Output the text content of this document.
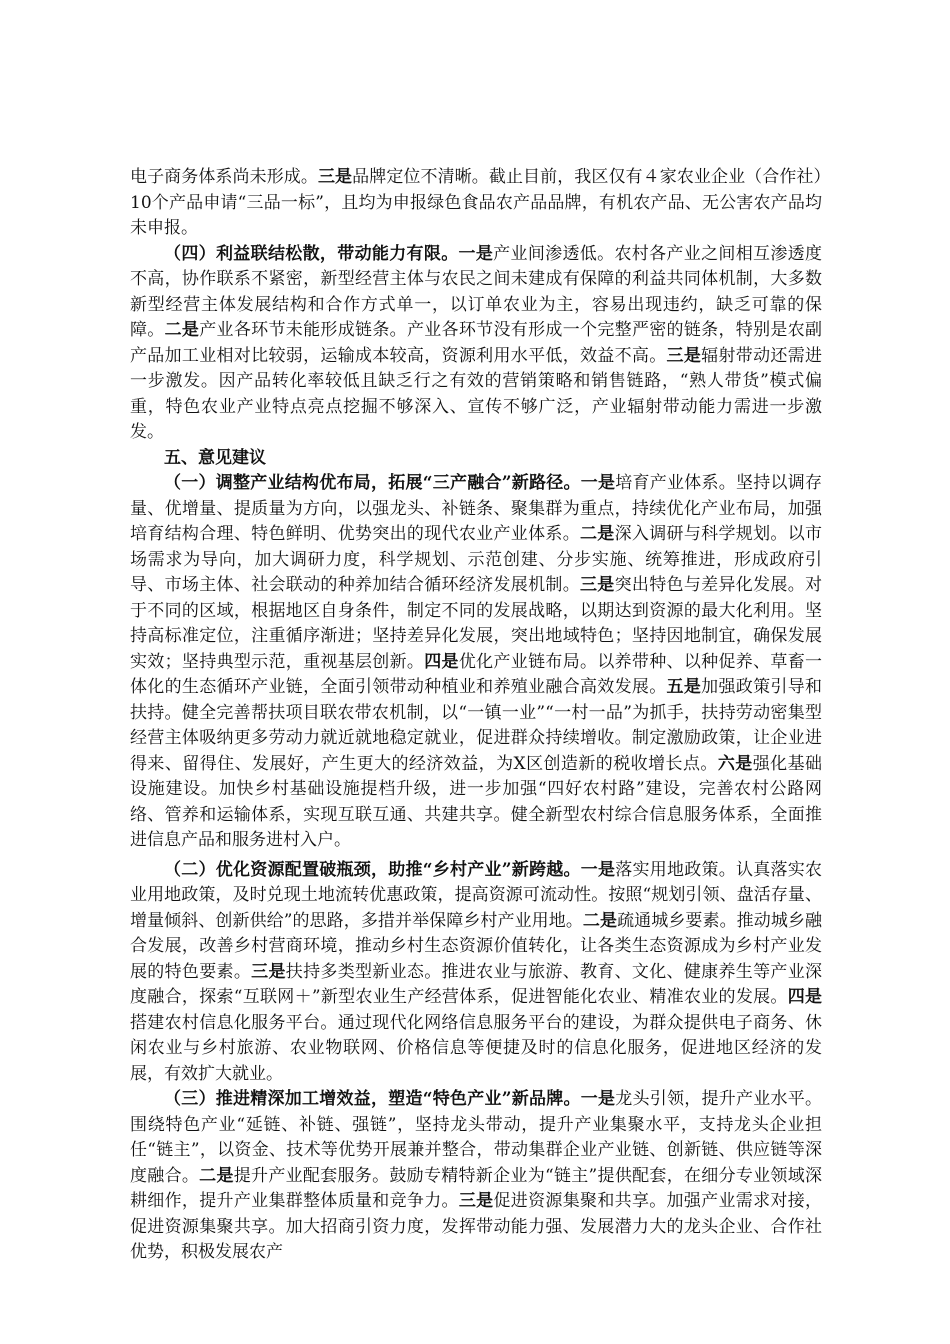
电子商务体系尚未形成。三是品牌定位不清晰。截止目前，我区仅有４家农业企业（合作社）10个产品申请“三品一标”，且均为申报绿色食品农产品品牌，有机农产品、无公害农产品均未申报。

（四）利益联结松散，带动能力有限。一是产业间渗透低。农村各产业之间相互渗透度不高，协作联系不紧密，新型经营主体与农民之间未建成有保障的利益共同体机制，大多数新型经营主体发展结构和合作方式单一，以订单农业为主，容易出现违约，缺乏可靠的保障。二是产业各环节未能形成链条。产业各环节没有形成一个完整严密的链条，特别是农副产品加工业相对比较弱，运输成本较高，资源利用水平低，效益不高。三是辐射带动还需进一步激发。因产品转化率较低且缺乏行之有效的营销策略和销售链路，“熟人带货”模式偏重，特色农业产业特点亮点挖掘不够深入、宣传不够广泛，产业辐射带动能力需进一步激发。

五、意见建议

（一）调整产业结构优布局，拓展“三产融合”新路径。一是培育产业体系。坚持以调存量、优增量、提质量为方向，以强龙头、补链条、聚集群为重点，持续优化产业布局，加强培育结构合理、特色鲜明、优势突出的现代农业产业体系。二是深入调研与科学规划。以市场需求为导向，加大调研力度，科学规划、示范创建、分步实施、统筹推进，形成政府引导、市场主体、社会联动的种养加结合循环经济发展机制。三是突出特色与差异化发展。对于不同的区域，根据地区自身条件，制定不同的发展战略，以期达到资源的最大化利用。坚持高标准定位，注重循序渐进；坚持差异化发展，突出地域特色；坚持因地制宜，确保发展实效；坚持典型示范，重视基层创新。四是优化产业链布局。以养带种、以种促养、草畜一体化的生态循环产业链，全面引领带动种植业和养殖业融合高效发展。五是加强政策引导和扶持。健全完善帮扶项目联农带农机制，以“一镇一业”“一村一品”为抓手，扶持劳动密集型经营主体吸纳更多劳动力就近就地稳定就业，促进群众持续增收。制定激励政策，让企业进得来、留得住、发展好，产生更大的经济效益，为X区创造新的税收增长点。六是强化基础设施建设。加快乡村基础设施提档升级，进一步加强“四好农村路”建设，完善农村公路网络、管养和运输体系，实现互联互通、共建共享。健全新型农村综合信息服务体系，全面推进信息产品和服务进村入户。

（二）优化资源配置破瓶颈，助推“乡村产业”新跨越。一是落实用地政策。认真落实农业用地政策，及时兑现土地流转优惠政策，提高资源可流动性。按照“规划引领、盘活存量、增量倾斜、创新供给”的思路，多措并举保障乡村产业用地。二是疏通城乡要素。推动城乡融合发展，改善乡村营商环境，推动乡村生态资源价值转化，让各类生态资源成为乡村产业发展的特色要素。三是扶持多类型新业态。推进农业与旅游、教育、文化、健康养生等产业深度融合，探索“互联网＋”新型农业生产经营体系，促进智能化农业、精准农业的发展。四是搭建农村信息化服务平台。通过现代化网络信息服务平台的建设，为群众提供电子商务、休闲农业与乡村旅游、农业物联网、价格信息等便捷及时的信息化服务，促进地区经济的发展，有效扩大就业。

（三）推进精深加工增效益，塑造“特色产业”新品牌。一是龙头引领，提升产业水平。围绕特色产业“延链、补链、强链”，坚持龙头带动，提升产业集聚水平，支持龙头企业担任“链主”，以资金、技术等优势开展兼并整合，带动集群企业产业链、创新链、供应链等深度融合。二是提升产业配套服务。鼓励专精特新企业为“链主”提供配套，在细分专业领域深耕细作，提升产业集群整体质量和竞争力。三是促进资源集聚和共享。加强产业需求对接，促进资源集聚共享。加大招商引资力度，发挥带动能力强、发展潜力大的龙头企业、合作社优势，积极发展农产
